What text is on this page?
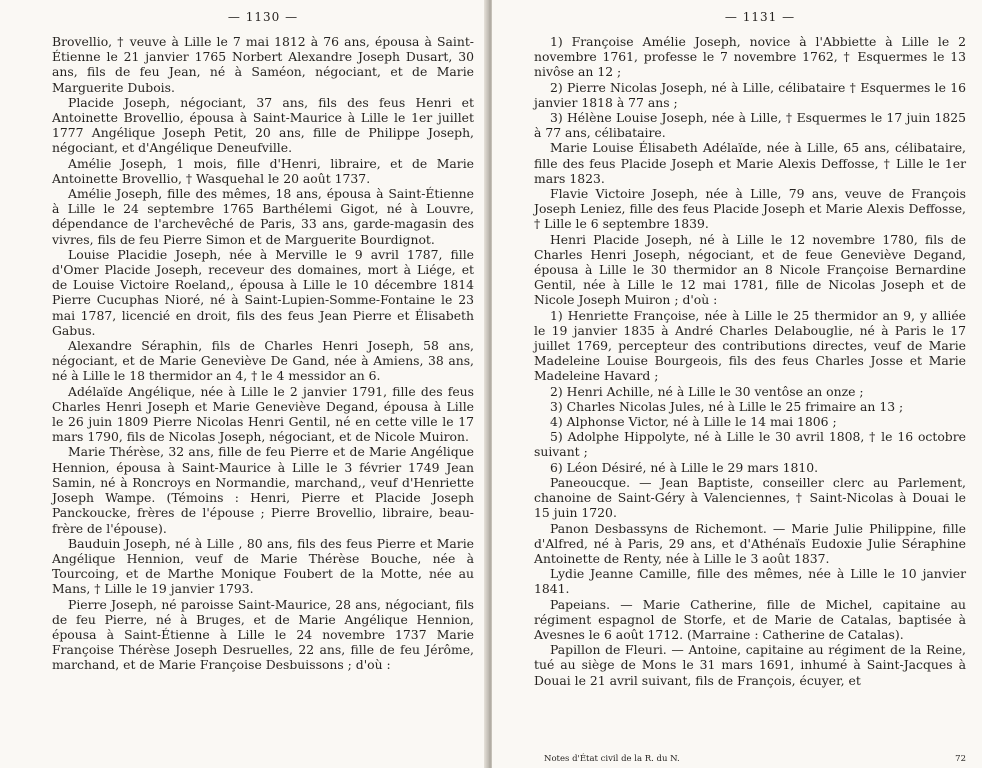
— 1130 —

Brovellio, † veuve à Lille le 7 mai 1812 à 76 ans, épousa à Saint-Étienne le 21 janvier 1765 Norbert Alexandre Joseph Dusart, 30 ans, fils de feu Jean, né à Saméon, négociant, et de Marie Marguerite Dubois.

Placide Joseph, négociant, 37 ans, fils des feus Henri et Antoinette Brovellio, épousa à Saint-Maurice à Lille le 1er juillet 1777 Angélique Joseph Petit, 20 ans, fille de Philippe Joseph, négociant, et d'Angélique Deneufville.

Amélie Joseph, 1 mois, fille d'Henri, libraire, et de Marie Antoinette Brovellio, † Wasquehal le 20 août 1737.

Amélie Joseph, fille des mêmes, 18 ans, épousa à Saint-Étienne à Lille le 24 septembre 1765 Barthélemi Gigot, né à Louvre, dépendance de l'archevêché de Paris, 33 ans, garde-magasin des vivres, fils de feu Pierre Simon et de Marguerite Bourdignot.

Louise Placidie Joseph, née à Merville le 9 avril 1787, fille d'Omer Placide Joseph, receveur des domaines, mort à Liége, et de Louise Victoire Roeland,, épousa à Lille le 10 décembre 1814 Pierre Cucuphas Nioré, né à Saint-Lupien-Somme-Fontaine le 23 mai 1787, licencié en droit, fils des feus Jean Pierre et Élisabeth Gabus.

Alexandre Séraphin, fils de Charles Henri Joseph, 58 ans, négociant, et de Marie Geneviève De Gand, née à Amiens, 38 ans, né à Lille le 18 thermidor an 4, † le 4 messidor an 6.

Adélaïde Angélique, née à Lille le 2 janvier 1791, fille des feus Charles Henri Joseph et Marie Geneviève Degand, épousa à Lille le 26 juin 1809 Pierre Nicolas Henri Gentil, né en cette ville le 17 mars 1790, fils de Nicolas Joseph, négociant, et de Nicole Muiron.

Marie Thérèse, 32 ans, fille de feu Pierre et de Marie Angélique Hennion, épousa à Saint-Maurice à Lille le 3 février 1749 Jean Samin, né à Roncroys en Normandie, marchand,, veuf d'Henriette Joseph Wampe. (Témoins : Henri, Pierre et Placide Joseph Panckoucke, frères de l'épouse ; Pierre Brovellio, libraire, beau-frère de l'épouse).

Bauduin Joseph, né à Lille , 80 ans, fils des feus Pierre et Marie Angélique Hennion, veuf de Marie Thérèse Bouche, née à Tourcoing, et de Marthe Monique Foubert de la Motte, née au Mans, † Lille le 19 janvier 1793.

Pierre Joseph, né paroisse Saint-Maurice, 28 ans, négociant, fils de feu Pierre, né à Bruges, et de Marie Angélique Hennion, épousa à Saint-Étienne à Lille le 24 novembre 1737 Marie Françoise Thérèse Joseph Desruelles, 22 ans, fille de feu Jérôme, marchand, et de Marie Françoise Desbuissons ; d'où :

— 1131 —

1) Françoise Amélie Joseph, novice à l'Abbiette à Lille le 2 novembre 1761, professe le 7 novembre 1762, † Esquermes le 13 nivôse an 12 ;

2) Pierre Nicolas Joseph, né à Lille, célibataire † Esquermes le 16 janvier 1818 à 77 ans ;

3) Hélène Louise Joseph, née à Lille, † Esquermes le 17 juin 1825 à 77 ans, célibataire.

Marie Louise Élisabeth Adélaïde, née à Lille, 65 ans, célibataire, fille des feus Placide Joseph et Marie Alexis Deffosse, † Lille le 1er mars 1823.

Flavie Victoire Joseph, née à Lille, 79 ans, veuve de François Joseph Leniez, fille des feus Placide Joseph et Marie Alexis Deffosse, † Lille le 6 septembre 1839.

Henri Placide Joseph, né à Lille le 12 novembre 1780, fils de Charles Henri Joseph, négociant, et de feue Geneviève Degand, épousa à Lille le 30 thermidor an 8 Nicole Françoise Bernardine Gentil, née à Lille le 12 mai 1781, fille de Nicolas Joseph et de Nicole Joseph Muiron ; d'où :

1) Henriette Françoise, née à Lille le 25 thermidor an 9, y alliée le 19 janvier 1835 à André Charles Delabouglie, né à Paris le 17 juillet 1769, percepteur des contributions directes, veuf de Marie Madeleine Louise Bourgeois, fils des feus Charles Josse et Marie Madeleine Havard ;

2) Henri Achille, né à Lille le 30 ventôse an onze ;

3) Charles Nicolas Jules, né à Lille le 25 frimaire an 13 ;

4) Alphonse Victor, né à Lille le 14 mai 1806 ;

5) Adolphe Hippolyte, né à Lille le 30 avril 1808, † le 16 octobre suivant ;

6) Léon Désiré, né à Lille le 29 mars 1810.

Paneoucque. — Jean Baptiste, conseiller clerc au Parlement, chanoine de Saint-Géry à Valenciennes, † Saint-Nicolas à Douai le 15 juin 1720.

Panon Desbassyns de Richemont. — Marie Julie Philippine, fille d'Alfred, né à Paris, 29 ans, et d'Athénaïs Eudoxie Julie Séraphine Antoinette de Renty, née à Lille le 3 août 1837.

Lydie Jeanne Camille, fille des mêmes, née à Lille le 10 janvier 1841.

Papeians. — Marie Catherine, fille de Michel, capitaine au régiment espagnol de Storfe, et de Marie de Catalas, baptisée à Avesnes le 6 août 1712. (Marraine : Catherine de Catalas).

Papillon de Fleuri. — Antoine, capitaine au régiment de la Reine, tué au siège de Mons le 31 mars 1691, inhumé à Saint-Jacques à Douai le 21 avril suivant, fils de François, écuyer, et

Notes d'État civil de la R. du N.	72
